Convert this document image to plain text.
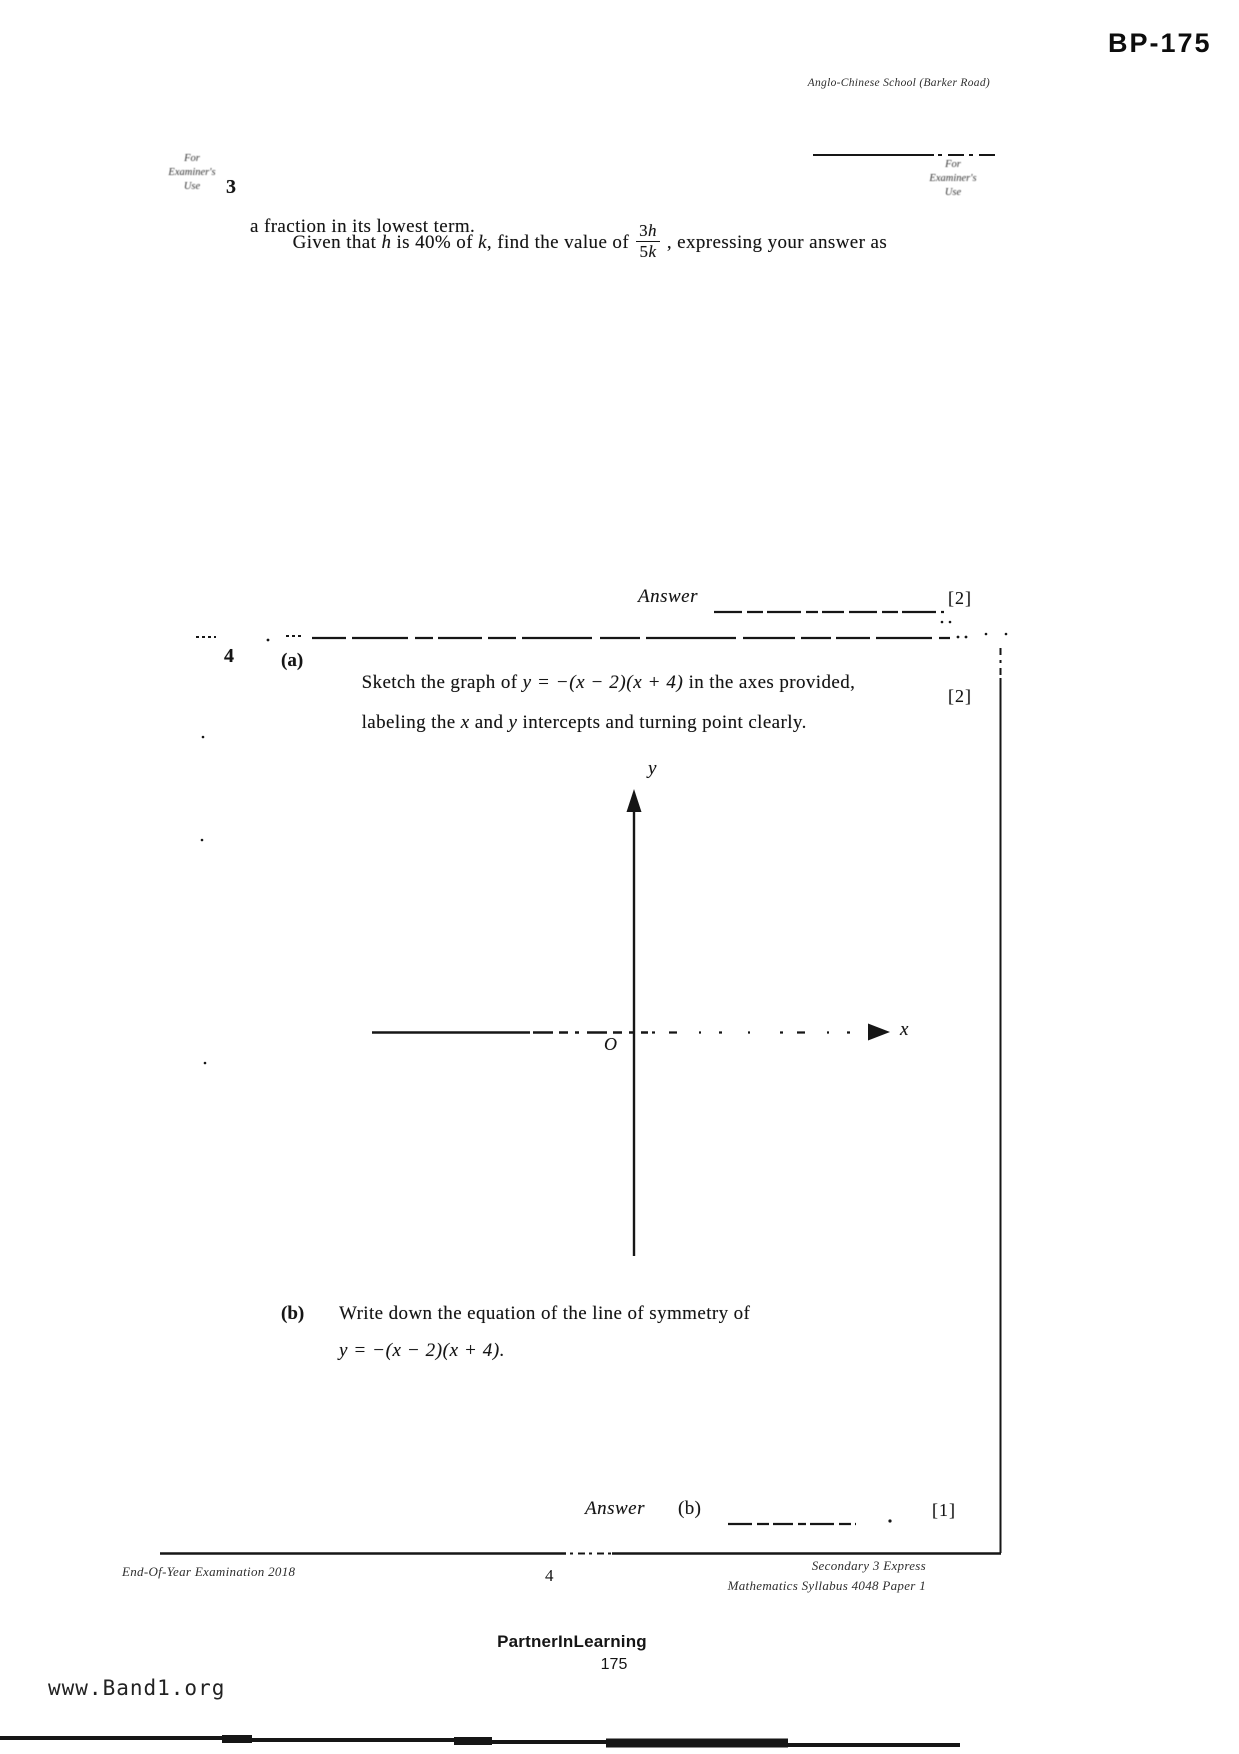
BP-175
Anglo-Chinese School (Barker Road)
For
Examiner's
Use
For
Examiner's
Use
3

Given that h is 40% of k, find the value of $\frac{3h}{5k}$ , expressing your answer as

a fraction in its lowest term.
Answer	[2]
4 (a)

Sketch the graph of y = −(x − 2)(x + 4) in the axes provided,

labeling the x and y intercepts and turning point clearly.

[2]
y
x
O
(b) Write down the equation of the line of symmetry of
y = −(x − 2)(x + 4).
Answer (b)	[1]
End-Of-Year Examination 2018	4
Secondary 3 Express
Mathematics Syllabus 4048 Paper 1
PartnerInLearning
175
www.Band1.org
